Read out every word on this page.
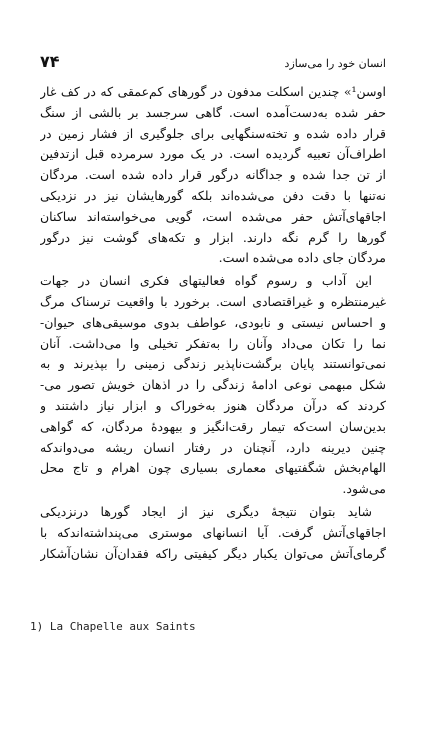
۷۴	انسان خود را می‌سازد
اوسن‏¹» چندین اسکلت مدفون در گورهای کم‌عمقی که در کف غار
حفر شده به‌دست‌آمده است. گاهی سرجسد بر بالشی از سنگ
قرار داده شده و تخته‌سنگهایی برای جلوگیری از فشار زمین در
اطراف‌آن تعبیه گردیده است. در یک مورد سرمرده قبل ازتدفین
از تن جدا شده و جداگانه درگور قرار داده شده است. مردگان
نه‌تنها با دقت دفن می‌شده‌اند بلکه گورهایشان نیز در نزدیکی
اجاقهای‌آتش حفر می‌شده است، گویی می‌خواسته‌اند ساکنان
گورها را گرم نگه دارند. ابزار و تکه‌های گوشت نیز درگور
مردگان جای داده می‌شده است.
این آداب و رسوم گواه فعالیتهای فکری انسان در جهات
غیرمنتظره و غیراقتصادی است. برخورد با واقعیت ترسناک مرگ
و احساس نیستی و نابودی، عواطف بدوی موسیقی‌های حیوان-
نما را تکان می‌داد وآنان را به‌تفکر تخیلی وا می‌داشت. آنان
نمی‌توانستند پایان برگشت‌ناپذیر زندگی زمینی را بپذیرند و به
شکل مبهمی نوعی ادامهٔ زندگی را در اذهان خویش تصور می-
کردند که درآن مردگان هنوز به‌خوراک و ابزار نیاز داشتند و
بدین‌سان است‌که تیمار رقت‌انگیز و بیهودهٔ مردگان، که گواهی
چنین دیرینه دارد، آنچنان در رفتار انسان ریشه می‌دواندکه
الهام‌بخش شگفتیهای معماری بسیاری چون اهرام و تاج محل
می‌شود.
شاید بتوان نتیجهٔ دیگری نیز از ایجاد گورها درنزدیکی
اجاقهای‌آتش گرفت. آیا انسانهای موستری می‌پنداشته‌اندکه با
گرمای‌آتش می‌توان یکبار دیگر کیفیتی راکه فقدان‌آن نشان‌آشکار
1) La Chapelle aux Saints
